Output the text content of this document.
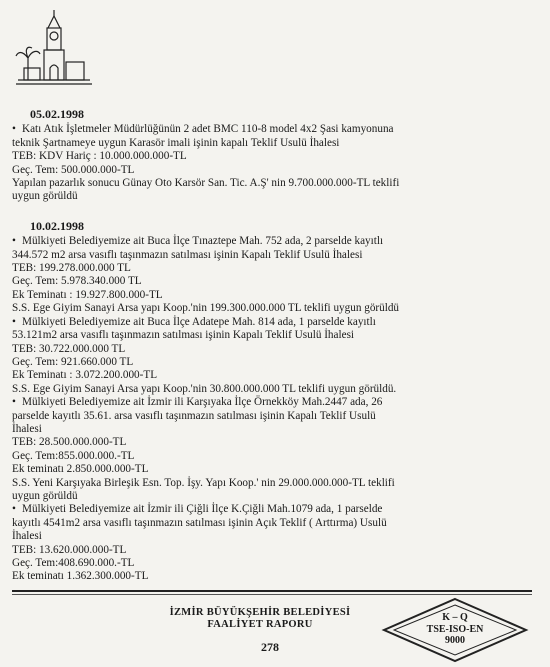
05.02.1998
• Katı Atık İşletmeler Müdürlüğünün 2 adet BMC 110-8 model 4x2 Şasi kamyonuna
teknik Şartnameye uygun Karasör imali işinin kapalı Teklif Usulü İhalesi
TEB: KDV Hariç : 10.000.000.000-TL
Geç. Tem: 500.000.000-TL
Yapılan pazarlık sonucu Günay Oto Karsör San. Tic. A.Ş' nin 9.700.000.000-TL teklifi
uygun görüldü
10.02.1998
• Mülkiyeti Belediyemize ait Buca İlçe Tınaztepe Mah. 752 ada, 2 parselde kayıtlı
344.572 m2 arsa vasıflı taşınmazın satılması işinin Kapalı Teklif Usulü İhalesi
TEB: 199.278.000.000 TL
Geç. Tem: 5.978.340.000 TL
Ek Teminatı : 19.927.800.000-TL
S.S. Ege Giyim Sanayi Arsa yapı Koop.'nin 199.300.000.000 TL teklifi uygun görüldü
• Mülkiyeti Belediyemize ait Buca İlçe Adatepe Mah. 814 ada, 1 parselde kayıtlı
53.121m2 arsa vasıflı taşınmazın satılması işinin Kapalı Teklif Usulü İhalesi
TEB: 30.722.000.000 TL
Geç. Tem: 921.660.000 TL
Ek Teminatı : 3.072.200.000-TL
S.S. Ege Giyim Sanayi Arsa yapı Koop.'nin 30.800.000.000 TL teklifi uygun görüldü.
• Mülkiyeti Belediyemize ait İzmir ili Karşıyaka İlçe Örnekköy Mah.2447 ada, 26
parselde kayıtlı 35.61. arsa vasıflı taşınmazın satılması işinin Kapalı Teklif Usulü
İhalesi
TEB: 28.500.000.000-TL
Geç. Tem:855.000.000.-TL
Ek teminatı 2.850.000.000-TL
S.S. Yeni Karşıyaka Birleşik Esn. Top. İşy. Yapı Koop.' nin 29.000.000.000-TL teklifi
uygun görüldü
• Mülkiyeti Belediyemize ait İzmir ili Çiğli İlçe K.Çiğli Mah.1079 ada, 1 parselde
kayıtlı 4541m2 arsa vasıflı taşınmazın satılması işinin Açık Teklif ( Arttırma) Usulü
İhalesi
TEB: 13.620.000.000-TL
Geç. Tem:408.690.000.-TL
Ek teminatı 1.362.300.000-TL
İZMİR BÜYÜKŞEHİR BELEDİYESİ
FAALİYET RAPORU
278
K – Q
TSE-ISO-EN
9000
